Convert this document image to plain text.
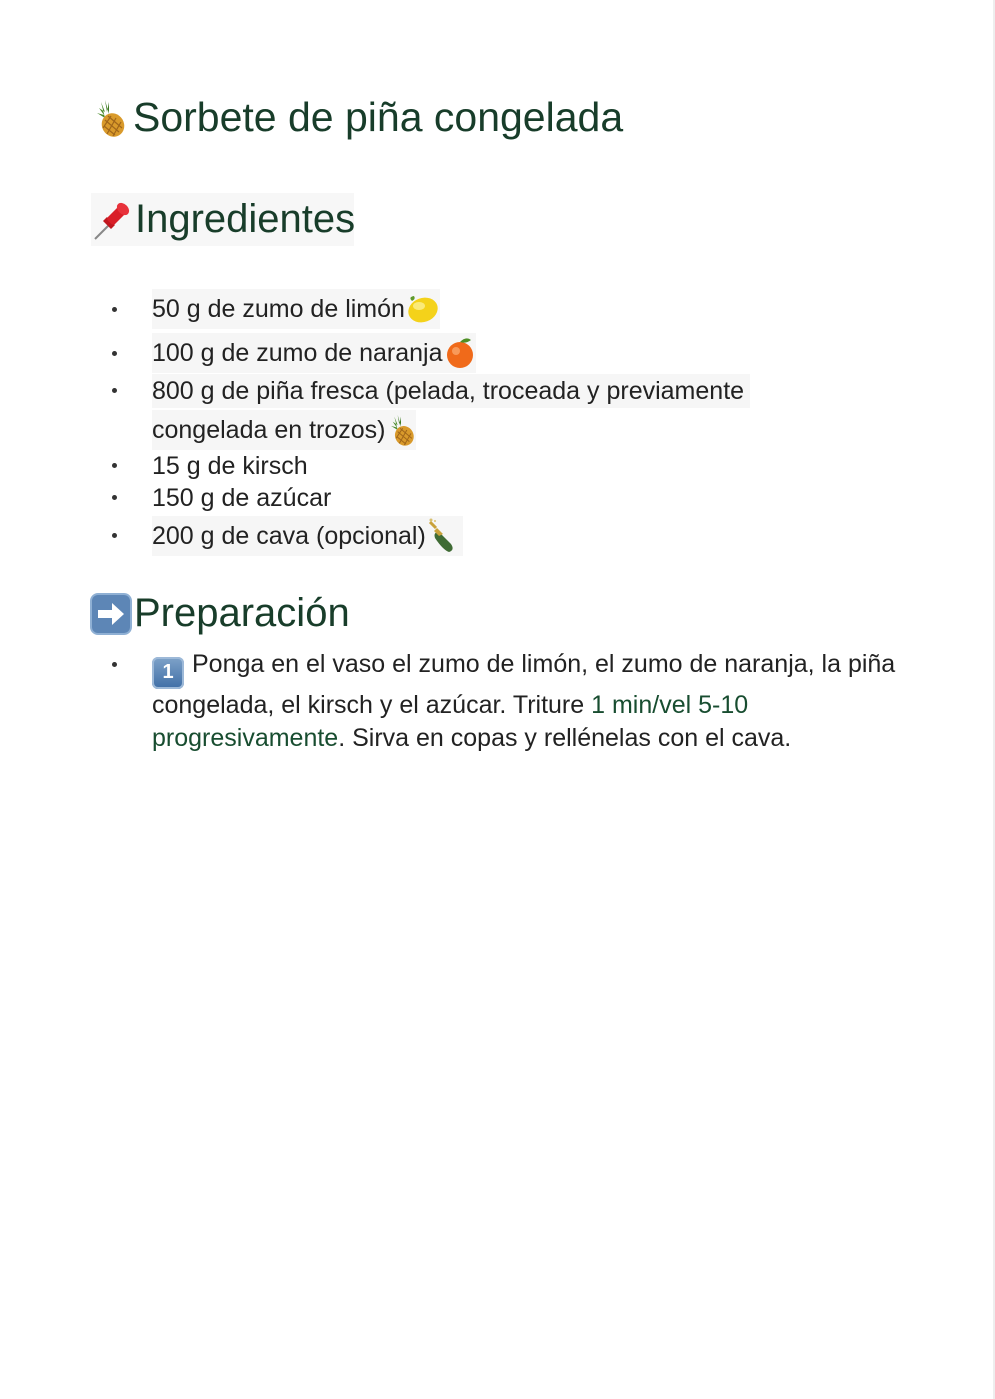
Sorbete de piña congelada
Ingredientes
50 g de zumo de limón
100 g de zumo de naranja
800 g de piña fresca (pelada, troceada y previamente
congelada en trozos)
15 g de kirsch
150 g de azúcar
200 g de cava (opcional)
Preparación
1 Ponga en el vaso el zumo de limón, el zumo de naranja, la piña congelada, el kirsch y el azúcar. Triture 1 min/vel 5-10 progresivamente. Sirva en copas y rellénelas con el cava.
